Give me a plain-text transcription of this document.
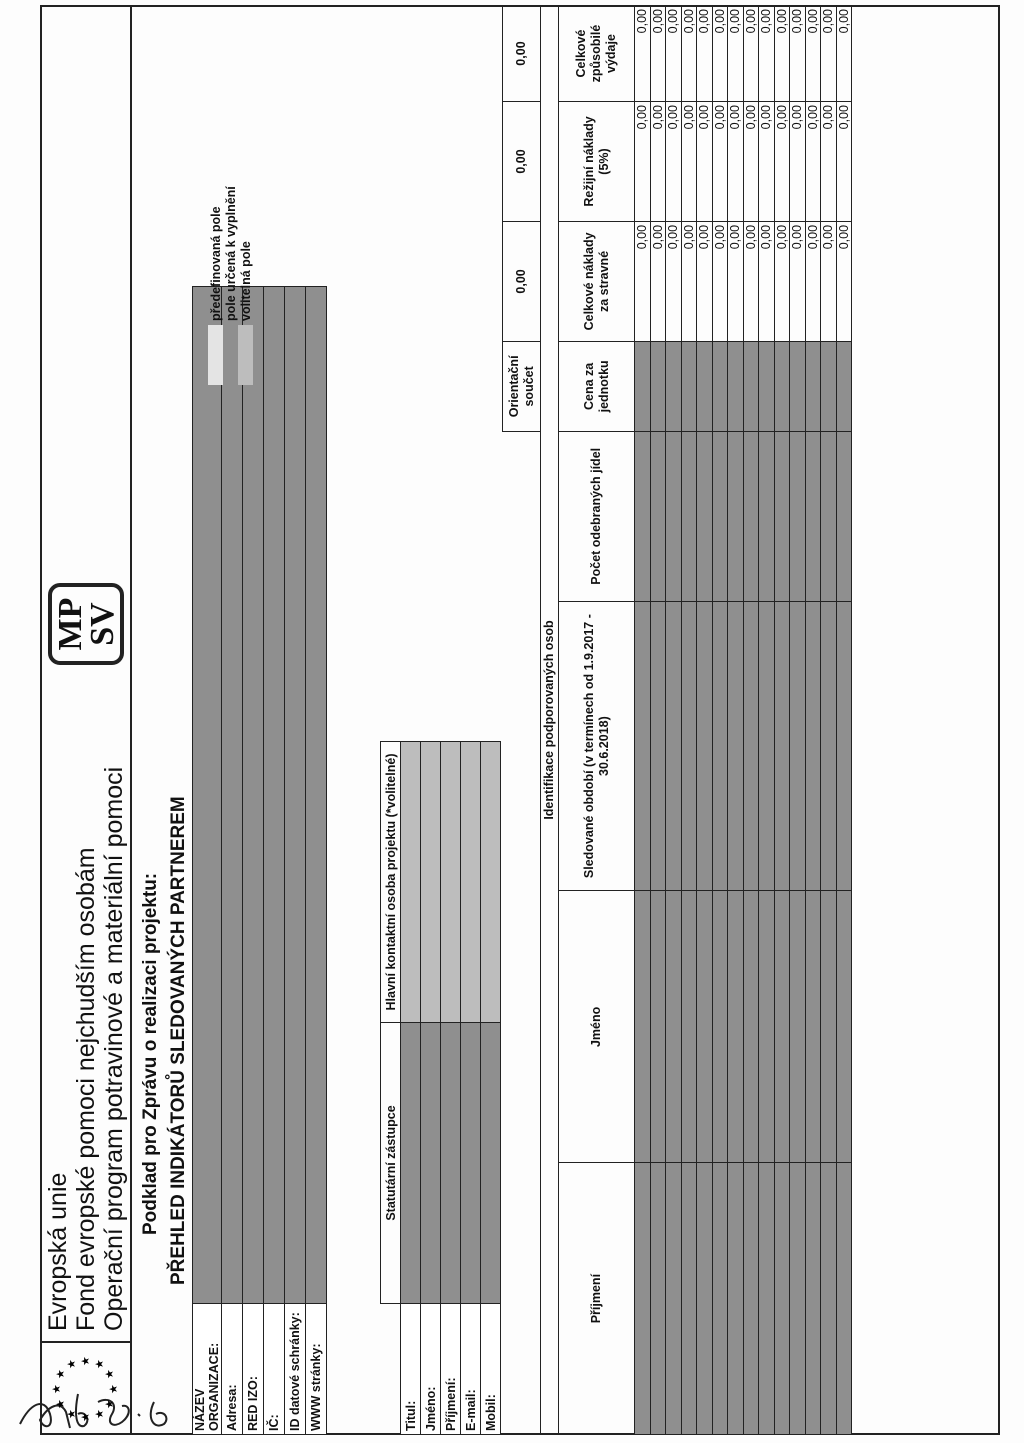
★
★
★ ★ ★
★
★
★
★
★
★
★
Evropská unie Fond evropské pomoci nejchudším osobám Operační program potravinové a materiální pomoci
MP
SV
Podklad pro Zprávu o realizaci projektu: PŘEHLED INDIKÁTORŮ SLEDOVANÝCH PARTNEREM
NÁZEV ORGANIZACE:	
Adresa:	
RED IZO:	
IČ:	
ID datové schránky:	
WWW stránky:	
	Statutární zástupce	Hlavní kontaktní osoba projektu (*volitelné)
Titul:		
Jméno:		
Příjmení:		
E-mail:		
Mobil:		
předefinovaná pole pole určená k vyplnění volitelná pole
				Orientační součet	0,00	0,00	0,00
Identifikace podporovaných osob							
Příjmení	Jméno	Sledované období (v termínech od 1.9.2017 - 30.6.2018)	Počet odebraných jídel	Cena za jednotku	Celkové náklady za stravné	Režijní náklady (5%)	Celkové způsobilé výdaje
					0,00	0,00	0,00
					0,00	0,00	0,00
					0,00	0,00	0,00
					0,00	0,00	0,00
					0,00	0,00	0,00
					0,00	0,00	0,00
					0,00	0,00	0,00
					0,00	0,00	0,00
					0,00	0,00	0,00
					0,00	0,00	0,00
					0,00	0,00	0,00
					0,00	0,00	0,00
					0,00	0,00	0,00
					0,00	0,00	0,00
